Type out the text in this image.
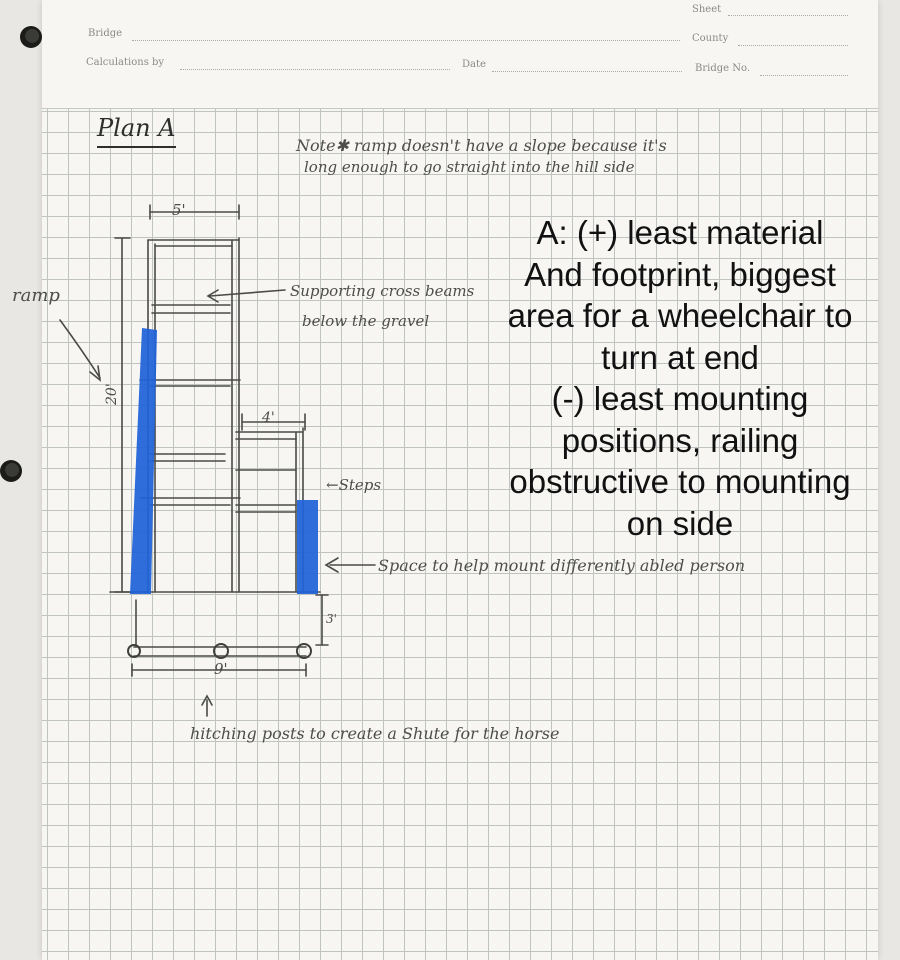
Sheet
Bridge	County
Calculations by	Date	Bridge No.
Plan A
Note✱ ramp doesn't have a slope because it's
long enough to go straight into the hill side
5'
20'
4'
3'
9'
ramp	Supporting cross beams
below the gravel
←Steps
Space to help mount differently abled person
hitching posts to create a Shute for the horse
A: (+) least material
And footprint, biggest
area for a wheelchair to
turn at end
(-) least mounting
positions, railing
obstructive to mounting
on side
